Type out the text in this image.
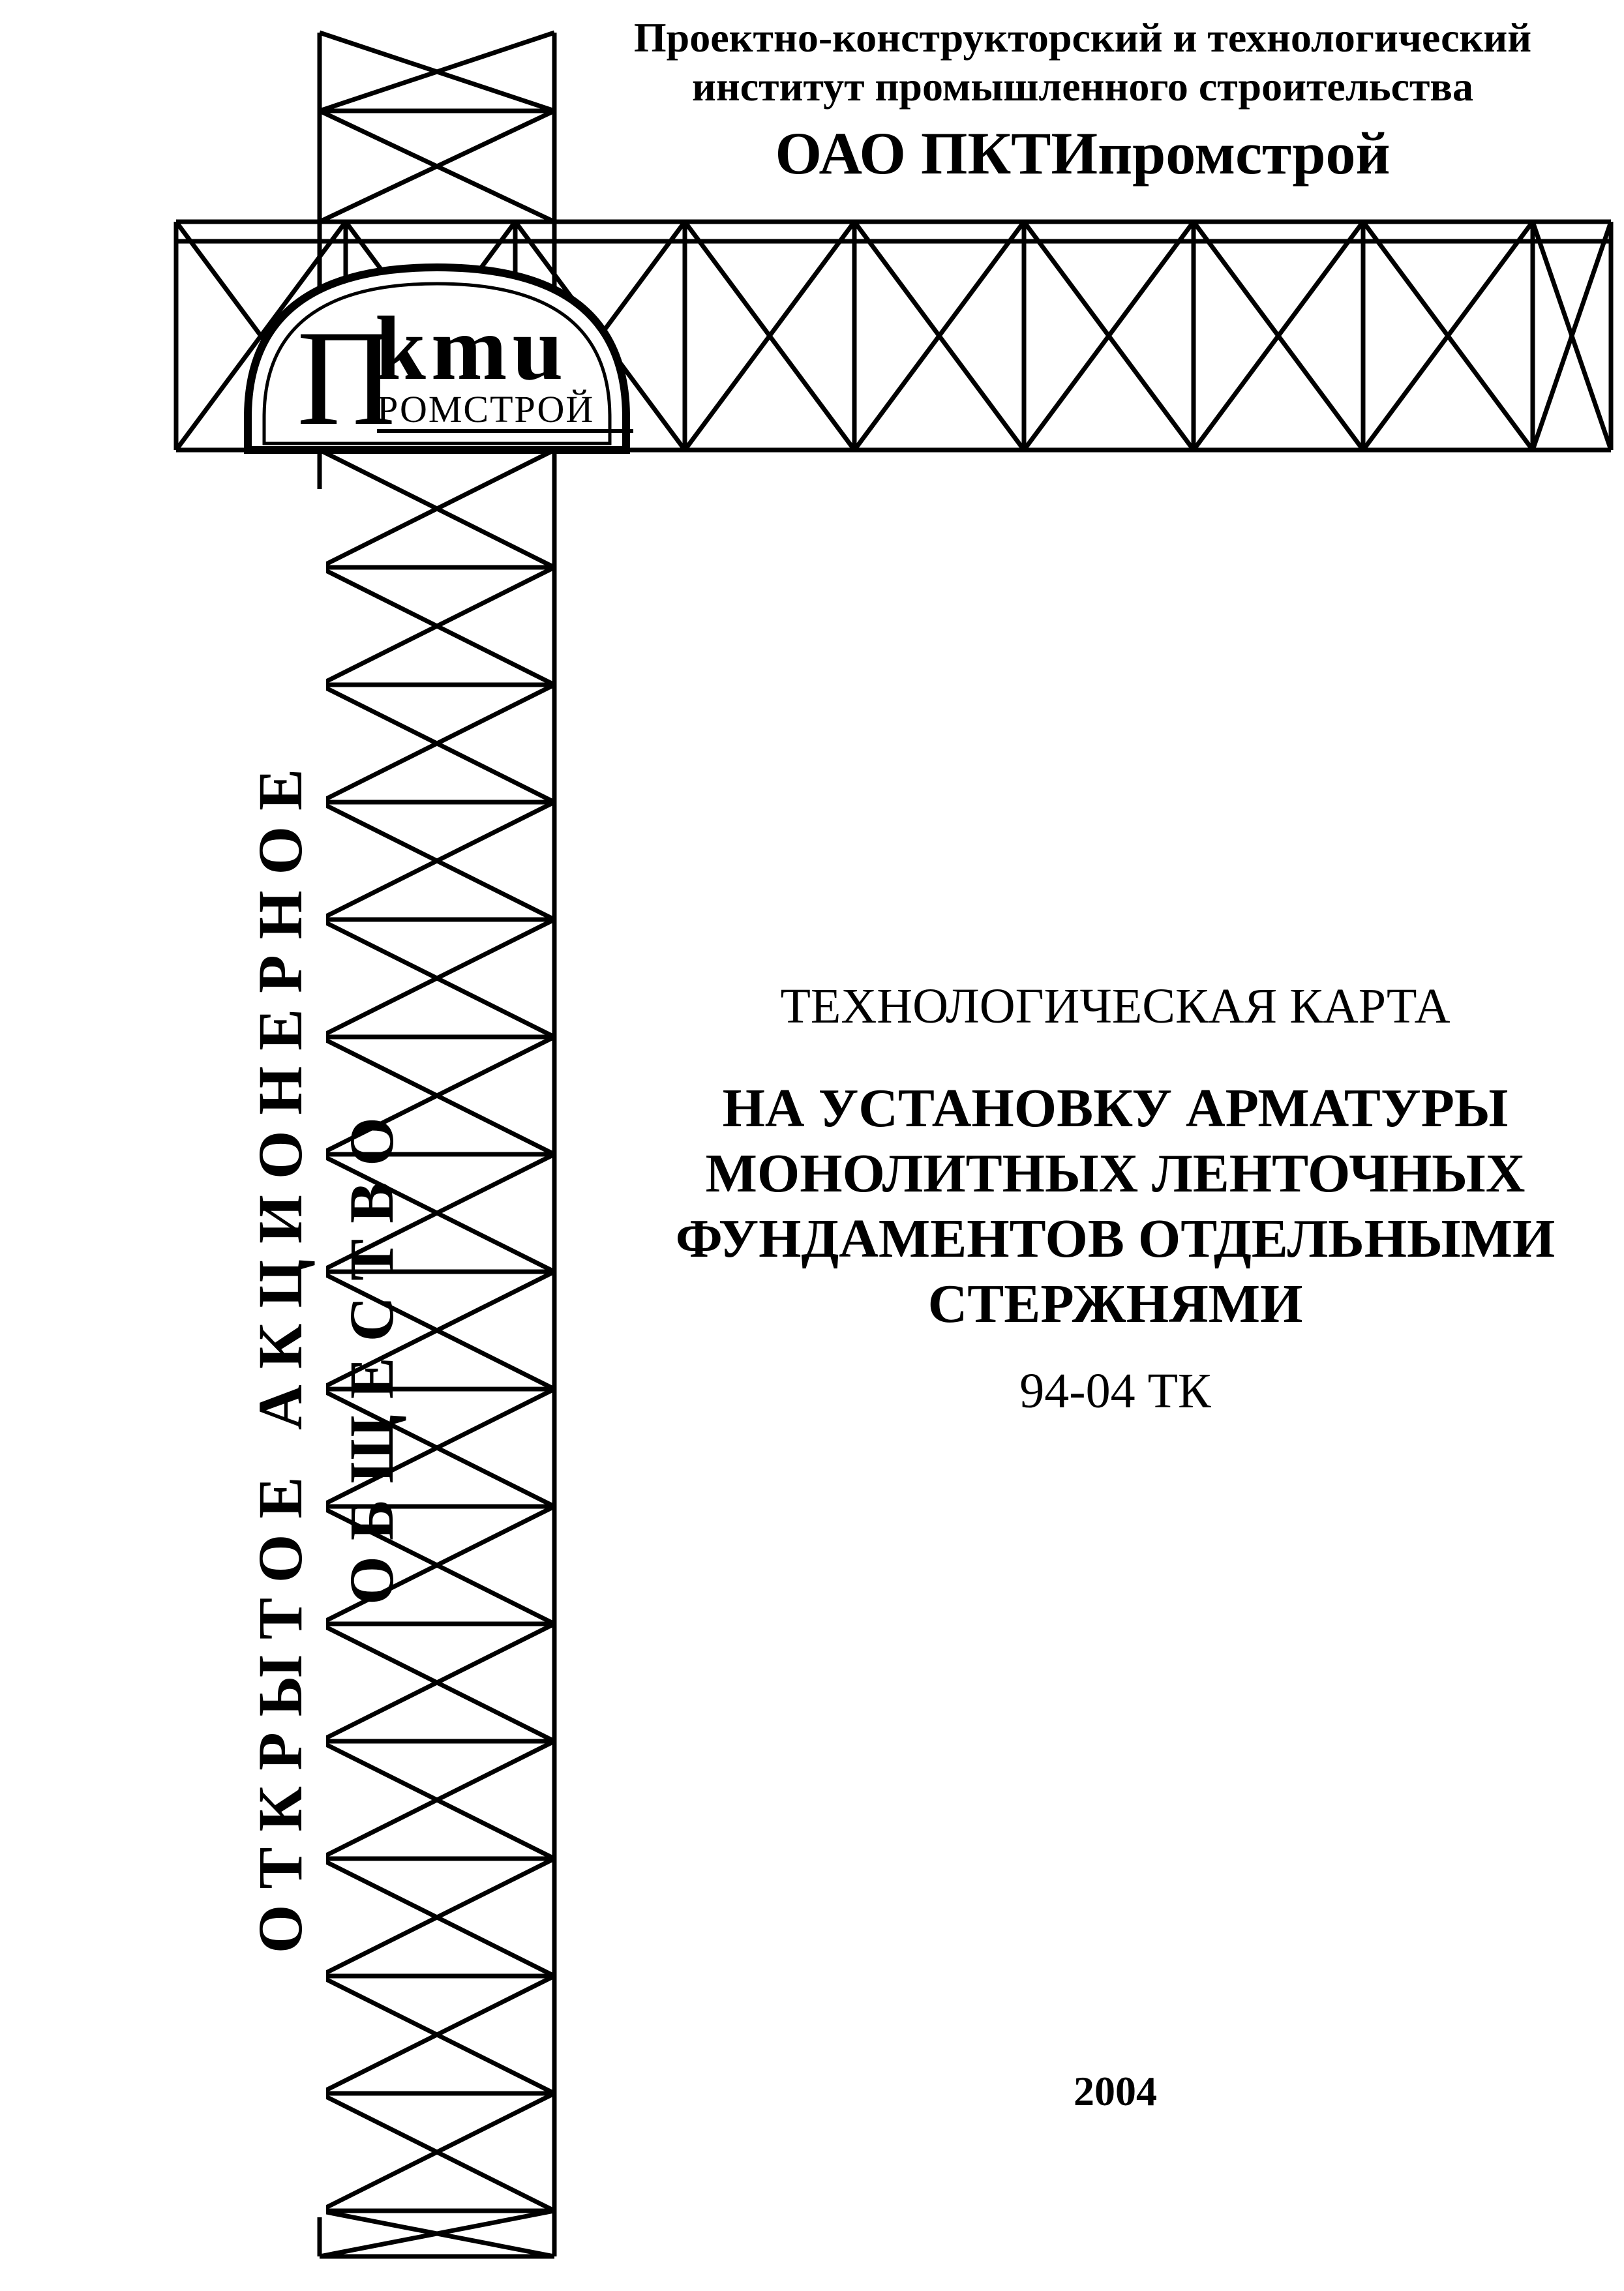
П
kmu
РОМСТРОЙ
Проектно-конструкторский и технологический
институт промышленного строительства
ОАО ПКТИпромстрой
ОТКРЫТОЕ АКЦИОНЕРНОЕ ОБЩЕСТВО
ТЕХНОЛОГИЧЕСКАЯ КАРТА
НА УСТАНОВКУ АРМАТУРЫ
МОНОЛИТНЫХ ЛЕНТОЧНЫХ
ФУНДАМЕНТОВ ОТДЕЛЬНЫМИ
СТЕРЖНЯМИ
94-04 ТК
2004
